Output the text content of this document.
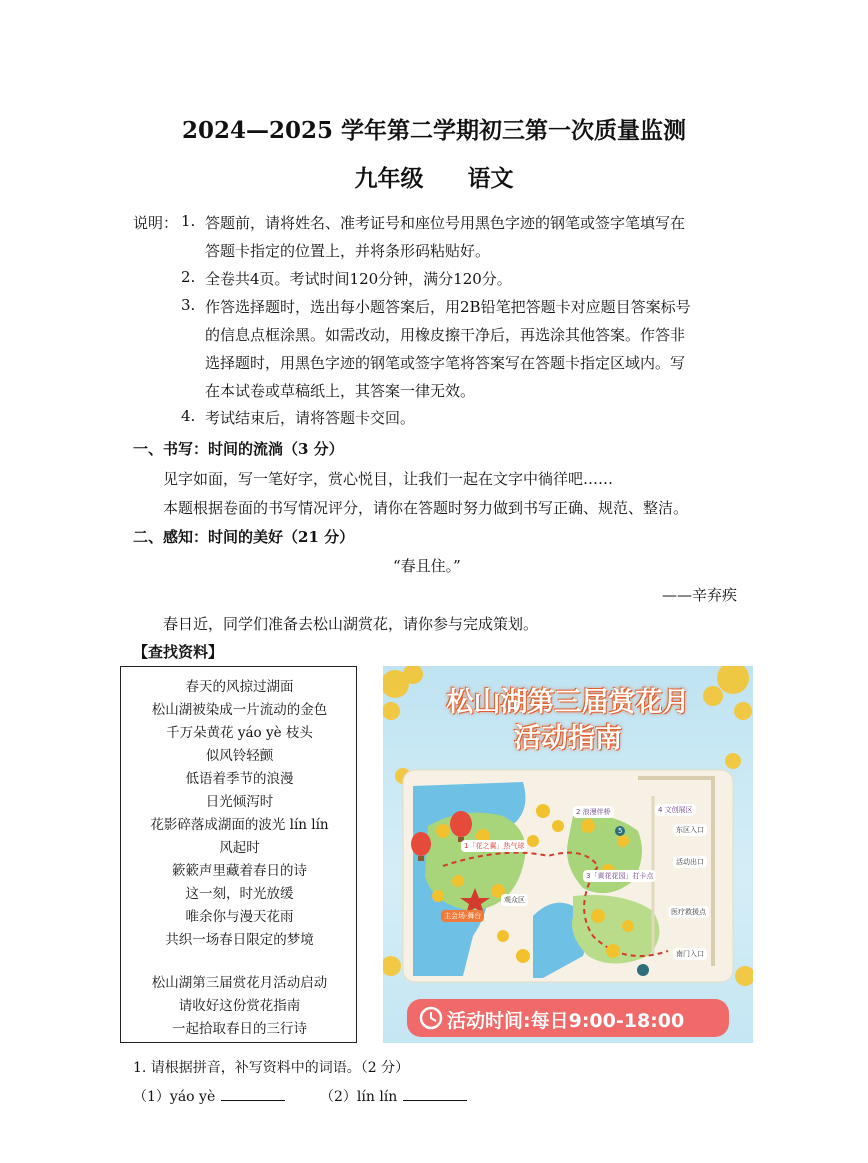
2024—2025 学年第二学期初三第一次质量监测
九年级 语文
说明： 1. 答题前，请将姓名、准考证号和座位号用黑色字迹的钢笔或签字笔填写在
答题卡指定的位置上，并将条形码粘贴好。
2. 全卷共4页。考试时间120分钟，满分120分。
3. 作答选择题时，选出每小题答案后，用2B铅笔把答题卡对应题目答案标号
的信息点框涂黑。如需改动，用橡皮擦干净后，再选涂其他答案。作答非
选择题时，用黑色字迹的钢笔或签字笔将答案写在答题卡指定区域内。写
在本试卷或草稿纸上，其答案一律无效。
4. 考试结束后，请将答题卡交回。
一、书写：时间的流淌（3 分）
见字如面，写一笔好字，赏心悦目，让我们一起在文字中徜徉吧……
本题根据卷面的书写情况评分，请你在答题时努力做到书写正确、规范、整洁。
二、感知：时间的美好（21 分）
“春且住。”
——辛弃疾
春日近，同学们准备去松山湖赏花，请你参与完成策划。
【查找资料】
春天的风掠过湖面
松山湖被染成一片流动的金色
千万朵黄花 yáo yè 枝头
似风铃轻颤
低语着季节的浪漫
日光倾泻时
花影碎落成湖面的波光 lín lín
风起时
簌簌声里藏着春日的诗
这一刻，时光放缓
唯余你与漫天花雨
共织一场春日限定的梦境
松山湖第三届赏花月活动启动
请收好这份赏花指南
一起拾取春日的三行诗
松山湖第三届赏花月
活动指南
1「花之翼」热气球
2 浪漫伴桥
3「黄花花园」打卡点
4 文创展区
5
主会场·舞台
观众区
东区入口
活动出口
医疗救援点
南门入口
活动时间:每日9:00-18:00
1. 请根据拼音，补写资料中的词语。（2 分）
（1）yáo yè	（2）lín lín
